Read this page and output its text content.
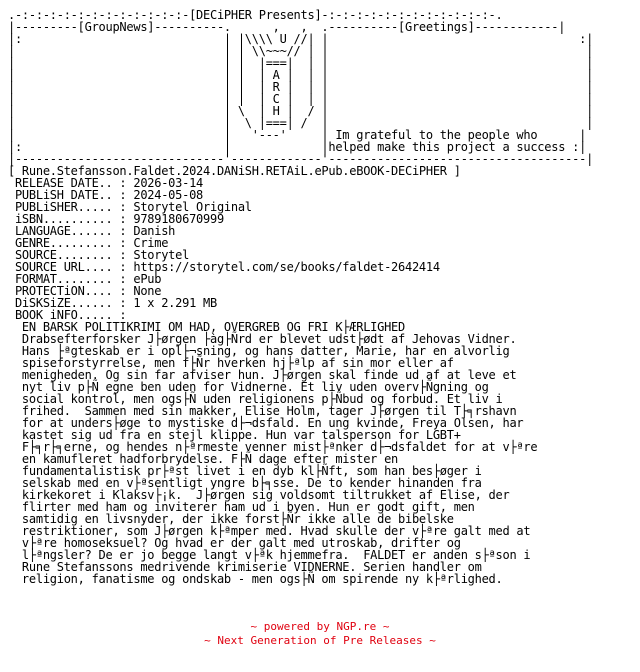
.-:-:-:-:-:-:-:-:-:-:-:-:-[DECiPHER Presents]-:-:-:-:-:-:-:-:-:-:-:-:-.
|---------[GroupNews]----------.      ,   ,  .----------[Greetings]------------|
|:                             | |\\\\ U //| |                                    :|
|                              | | \\~~~// | |                                     |
|                              | |  |===|  | |                                     |
|                              | |  | A |  | |                                     |
|                              | |  | R |  | |                                     |
|                              | |  | C |  | |                                     |
|                              | \  | H |  / |                                     |
|                              |  \ |===| /  |                                     |
|                              |   '---'     | Im grateful to the people who      |
|:                             |             |helped make this project a success :|
|------------------------------'-------------'-------------------------------------|
[ Rune.Stefansson.Faldet.2024.DANiSH.RETAiL.ePub.eBOOK-DECiPHER ]
RELEASE DATE.. : 2026-03-14
PUBLiSH DATE.. : 2024-05-08
PUBLiSHER..... : Storytel Original
iSBN.......... : 9789180670999
LANGUAGE...... : Danish
GENRE......... : Crime
SOURCE........ : Storytel
SOURCE URL.... : https://storytel.com/se/books/faldet-2642414
FORMAT........ : ePub
PROTECTiON.... : None
DiSKSiZE...... : 1 x 2.291 MB
BOOK iNFO..... :
EN BARSK POLITIKRIMI OM HAD, OVERGREB OG FRI K├ÆRLIGHED
Drabsefterforsker J├ørgen ├àg├Ñrd er blevet udst├ødt af Jehovas Vidner.
Hans ├ªgteskab er i opl├¬sning, og hans datter, Marie, har en alvorlig
spiseforstyrrelse, men f├Ñr hverken hj├ªlp af sin mor eller af
menigheden. Og sin far afviser hun. J├ørgen skal finde ud af at leve et
nyt liv p├Ñ egne ben uden for Vidnerne. Et liv uden overv├Ñgning og
social kontrol, men ogs├Ñ uden religionens p├Ñbud og forbud. Et liv i
frihed.  Sammen med sin makker, Elise Holm, tager J├ørgen til T├╕rshavn
for at unders├øge to mystiske d├¬dsfald. En ung kvinde, Freya Olsen, har
kastet sig ud fra en stejl klippe. Hun var talsperson for LGBT+
F├╕r├╕erne, og hendes n├ªrmeste venner mist├ªnker d├¬dsfaldet for at v├ªre
en kamufleret hadforbrydelse. F├Ñ dage efter mister en
fundamentalistisk pr├ªst livet i en dyb kl├Ñft, som han bes├øger i
selskab med en v├ªsentligt yngre b├╕sse. De to kender hinanden fra
kirkekoret i Klaksv├¡k.  J├ørgen sig voldsomt tiltrukket af Elise, der
flirter med ham og inviterer ham ud i byen. Hun er godt gift, men
samtidig en livsnyder, der ikke forst├Ñr ikke alle de bibelske
restriktioner, som J├ørgen k├ªmper med. Hvad skulle der v├ªre galt med at
v├ªre homoseksuel? Og hvad er der galt med utroskab, drifter og
l├ªngsler? De er jo begge langt v├ªk hjemmefra.  FALDET er anden s├ªson i
Rune Stefanssons medrivende krimiserie VIDNERNE. Serien handler om
religion, fanatisme og ondskab - men ogs├Ñ om spirende ny k├ªrlighed.
~ powered by NGP.re ~
~ Next Generation of Pre Releases ~
